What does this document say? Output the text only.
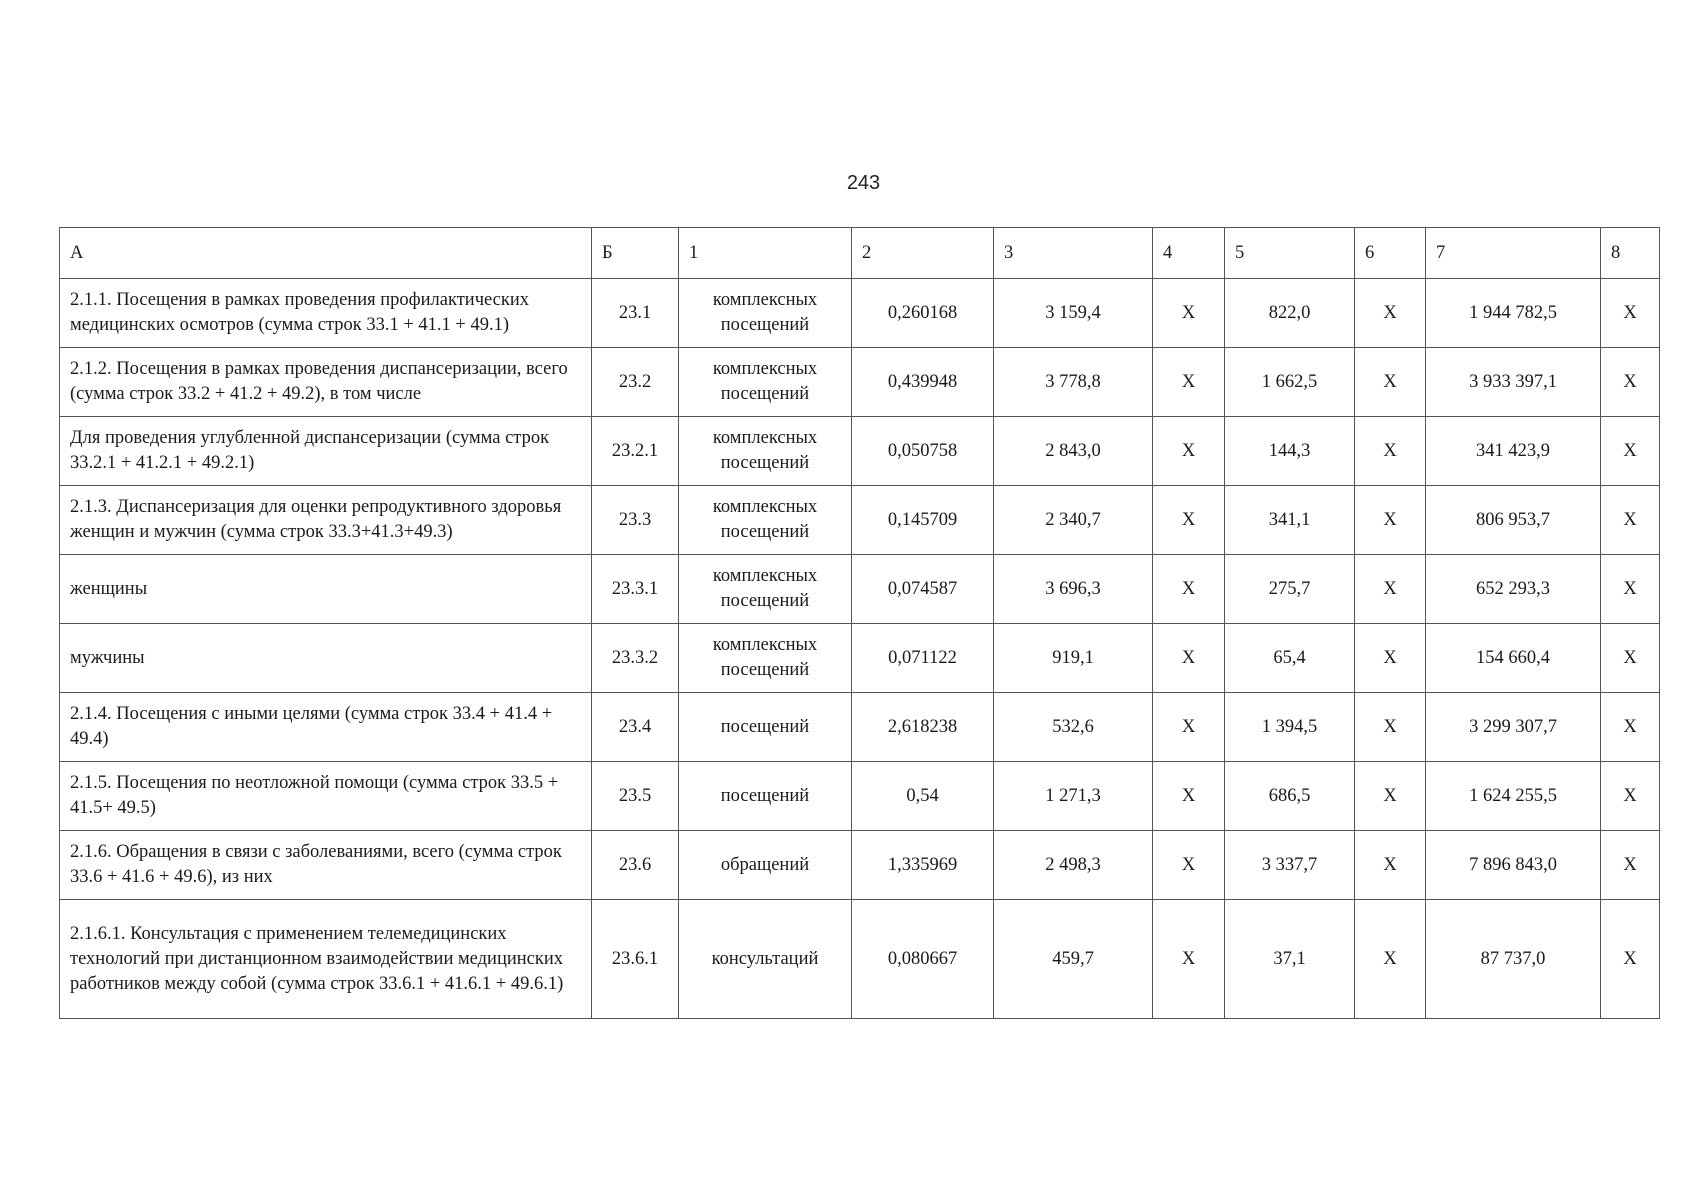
243
А	Б	1	2	3	4	5	6	7	8
2.1.1. Посещения в рамках проведения профилактических медицинских осмотров (сумма строк 33.1 + 41.1 + 49.1)	23.1	комплексных посещений	0,260168	3 159,4	Х	822,0	Х	1 944 782,5	Х
2.1.2. Посещения в рамках проведения диспансеризации, всего (сумма строк 33.2 + 41.2 + 49.2), в том числе	23.2	комплексных посещений	0,439948	3 778,8	Х	1 662,5	Х	3 933 397,1	Х
Для проведения углубленной диспансеризации (сумма строк 33.2.1 + 41.2.1 + 49.2.1)	23.2.1	комплексных посещений	0,050758	2 843,0	Х	144,3	Х	341 423,9	Х
2.1.3. Диспансеризация для оценки репродуктивного здоровья женщин и мужчин (сумма строк 33.3+41.3+49.3)	23.3	комплексных посещений	0,145709	2 340,7	Х	341,1	Х	806 953,7	Х
женщины	23.3.1	комплексных посещений	0,074587	3 696,3	Х	275,7	Х	652 293,3	Х
мужчины	23.3.2	комплексных посещений	0,071122	919,1	Х	65,4	Х	154 660,4	Х
2.1.4. Посещения с иными целями (сумма строк 33.4 + 41.4 + 49.4)	23.4	посещений	2,618238	532,6	Х	1 394,5	Х	3 299 307,7	Х
2.1.5. Посещения по неотложной помощи (сумма строк 33.5 + 41.5+ 49.5)	23.5	посещений	0,54	1 271,3	Х	686,5	Х	1 624 255,5	Х
2.1.6. Обращения в связи с заболеваниями, всего (сумма строк 33.6 + 41.6 + 49.6), из них	23.6	обращений	1,335969	2 498,3	Х	3 337,7	Х	7 896 843,0	Х
2.1.6.1. Консультация с применением телемедицинских технологий при дистанционном взаимодействии медицинских работников между собой (сумма строк 33.6.1 + 41.6.1 + 49.6.1)	23.6.1	консультаций	0,080667	459,7	Х	37,1	Х	87 737,0	Х
